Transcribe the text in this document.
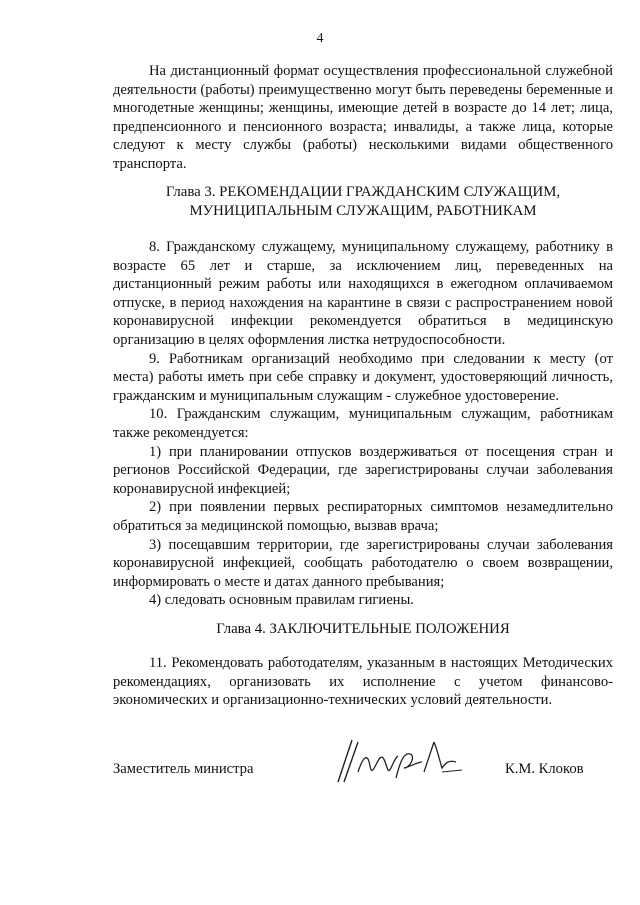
4

На дистанционный формат осуществления профессиональной служебной деятельности (работы) преимущественно могут быть переведены беременные и многодетные женщины; женщины, имеющие детей в возрасте до 14 лет; лица, предпенсионного и пенсионного возраста; инвалиды, а также лица, которые следуют к месту службы (работы) несколькими видами общественного транспорта.

Глава 3. РЕКОМЕНДАЦИИ ГРАЖДАНСКИМ СЛУЖАЩИМ,
МУНИЦИПАЛЬНЫМ СЛУЖАЩИМ, РАБОТНИКАМ

8. Гражданскому служащему, муниципальному служащему, работнику в возрасте 65 лет и старше, за исключением лиц, переведенных на дистанционный режим работы или находящихся в ежегодном оплачиваемом отпуске, в период нахождения на карантине в связи с распространением новой коронавирусной инфекции рекомендуется обратиться в медицинскую организацию в целях оформления листка нетрудоспособности.

9. Работникам организаций необходимо при следовании к месту (от места) работы иметь при себе справку и документ, удостоверяющий личность, гражданским и муниципальным служащим - служебное удостоверение.

10. Гражданским служащим, муниципальным служащим, работникам также рекомендуется:

1) при планировании отпусков воздерживаться от посещения стран и регионов Российской Федерации, где зарегистрированы случаи заболевания коронавирусной инфекцией;

2) при появлении первых респираторных симптомов незамедлительно обратиться за медицинской помощью, вызвав врача;

3) посещавшим территории, где зарегистрированы случаи заболевания коронавирусной инфекцией, сообщать работодателю о своем возвращении, информировать о месте и датах данного пребывания;

4) следовать основным правилам гигиены.

Глава 4. ЗАКЛЮЧИТЕЛЬНЫЕ ПОЛОЖЕНИЯ

11. Рекомендовать работодателям, указанным в настоящих Методических рекомендациях, организовать их исполнение с учетом финансово-экономических и организационно-технических условий деятельности.

Заместитель министра	К.М. Клоков
